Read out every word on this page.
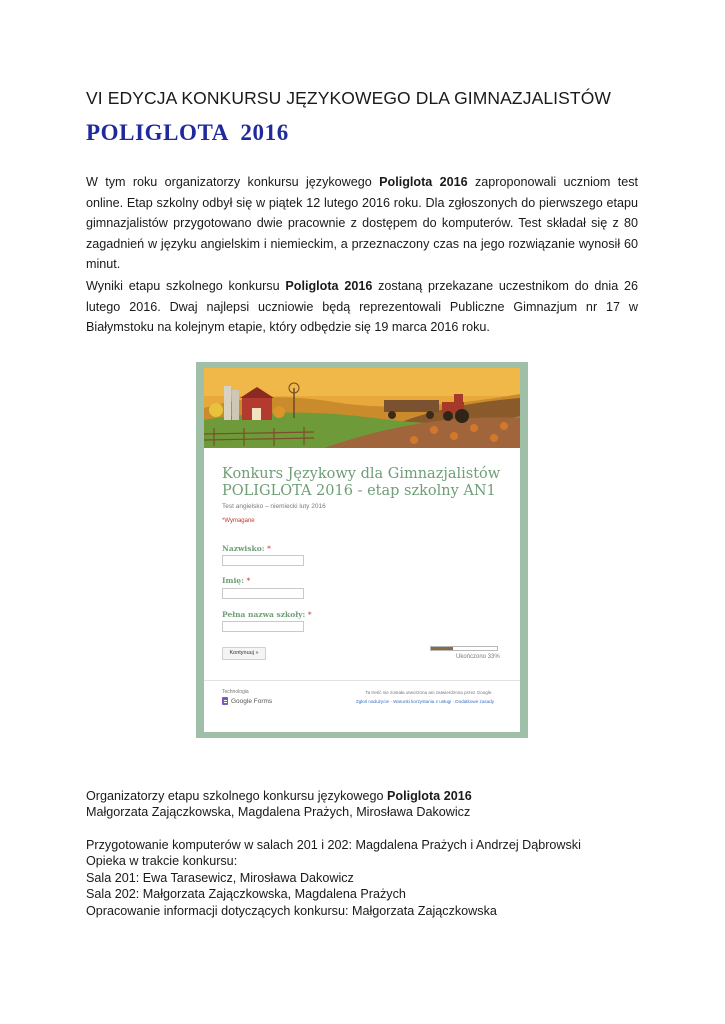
VI EDYCJA KONKURSU JĘZYKOWEGO DLA GIMNAZJALISTÓW
POLIGLOTA  2016
W tym roku organizatorzy konkursu językowego Poliglota 2016 zaproponowali uczniom test online. Etap szkolny odbył się w piątek 12 lutego 2016 roku. Dla zgłoszonych do pierwszego etapu gimnazjalistów przygotowano dwie pracownie z dostępem do komputerów. Test składał się z 80 zagadnień w języku angielskim i niemieckim, a przeznaczony czas na jego rozwiązanie wynosił 60 minut.
Wyniki etapu szkolnego konkursu Poliglota 2016 zostaną przekazane uczestnikom do dnia 26 lutego 2016. Dwaj najlepsi uczniowie będą reprezentowali Publiczne Gimnazjum nr 17 w Białymstoku na kolejnym etapie, który odbędzie się 19 marca 2016 roku.
Konkurs Językowy dla Gimnazjalistów POLIGLOTA 2016 - etap szkolny AN1
Test angielsko – niemiecki luty 2016
*Wymagane
Nazwisko: *
Imię: *
Pełna nazwa szkoły: *
Kontynuuj »
Ukończono 33%
Technologia
Google Forms
Ta treść nie została utworzona ani zatwierdzona przez Google.
Zgłoś nadużycie · Warunki korzystania z usługi · Dodatkowe zasady
Organizatorzy etapu szkolnego konkursu językowego Poliglota 2016
Małgorzata Zajączkowska, Magdalena Prażych, Mirosława Dakowicz
Przygotowanie komputerów w salach 201 i 202: Magdalena Prażych i Andrzej Dąbrowski
Opieka w trakcie konkursu:
Sala 201: Ewa Tarasewicz, Mirosława Dakowicz
Sala 202: Małgorzata Zajączkowska, Magdalena Prażych
Opracowanie informacji dotyczących konkursu: Małgorzata Zajączkowska
